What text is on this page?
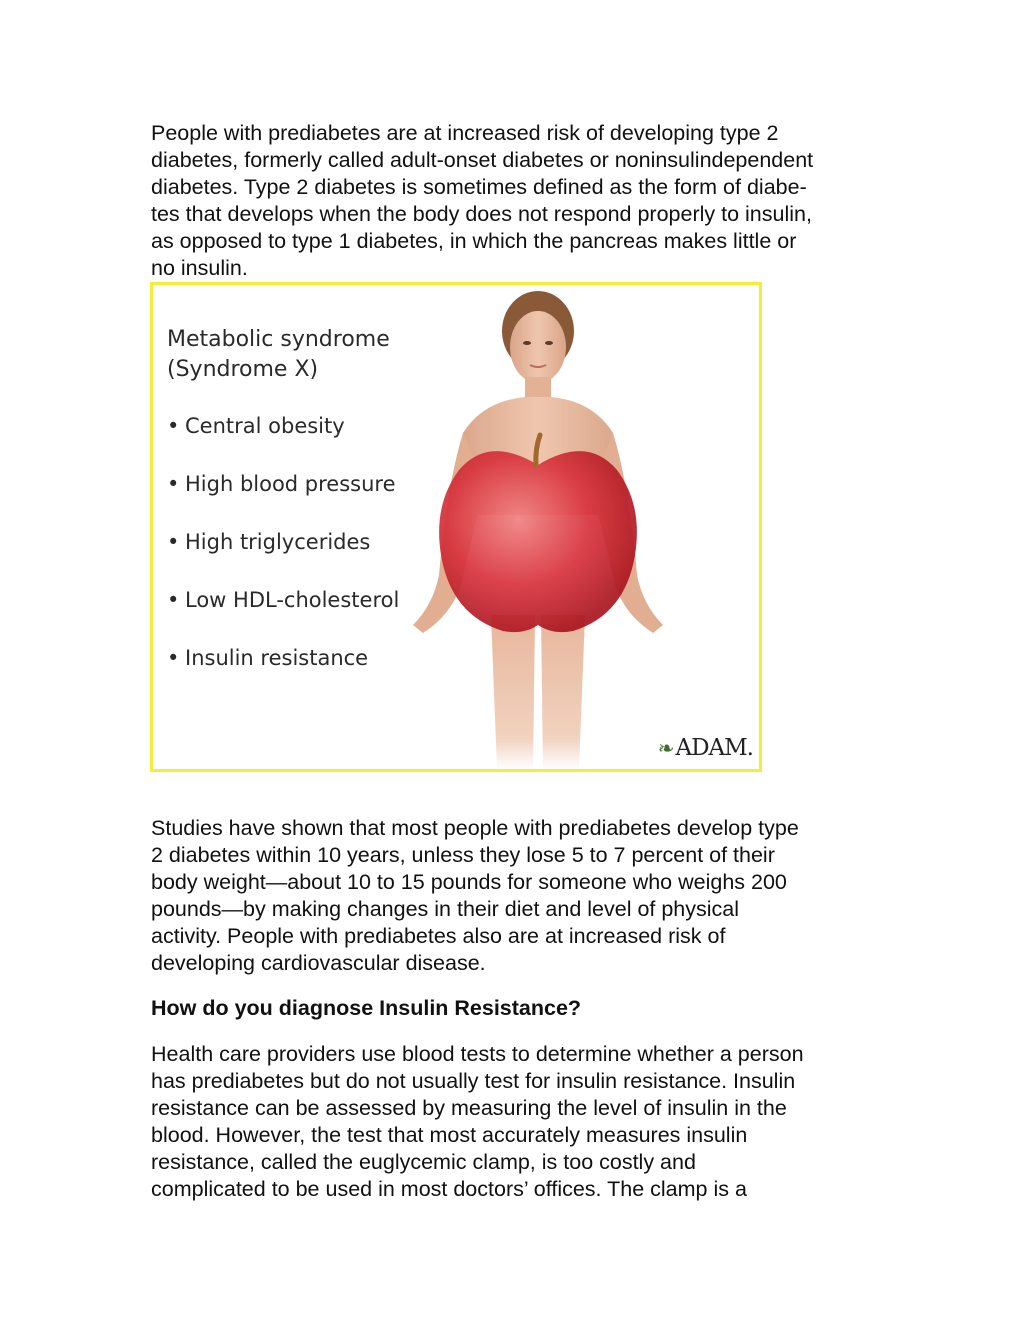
People with prediabetes are at increased risk of developing type 2
diabetes, formerly called adult-onset diabetes or noninsulindependent
diabetes. Type 2 diabetes is sometimes defined as the form of diabe-
tes that develops when the body does not respond properly to insulin,
as opposed to type 1 diabetes, in which the pancreas makes little or
no insulin.

Metabolic syndrome
(Syndrome X)

• Central obesity
• High blood pressure
• High triglycerides
• Low HDL-cholesterol
• Insulin resistance
❧ADAM.

Studies have shown that most people with prediabetes develop type
2 diabetes within 10 years, unless they lose 5 to 7 percent of their
body weight—about 10 to 15 pounds for someone who weighs 200
pounds—by making changes in their diet and level of physical
activity. People with prediabetes also are at increased risk of
developing cardiovascular disease.

How do you diagnose Insulin Resistance?

Health care providers use blood tests to determine whether a person
has prediabetes but do not usually test for insulin resistance. Insulin
resistance can be assessed by measuring the level of insulin in the
blood. However, the test that most accurately measures insulin
resistance, called the euglycemic clamp, is too costly and
complicated to be used in most doctors’ offices. The clamp is a
